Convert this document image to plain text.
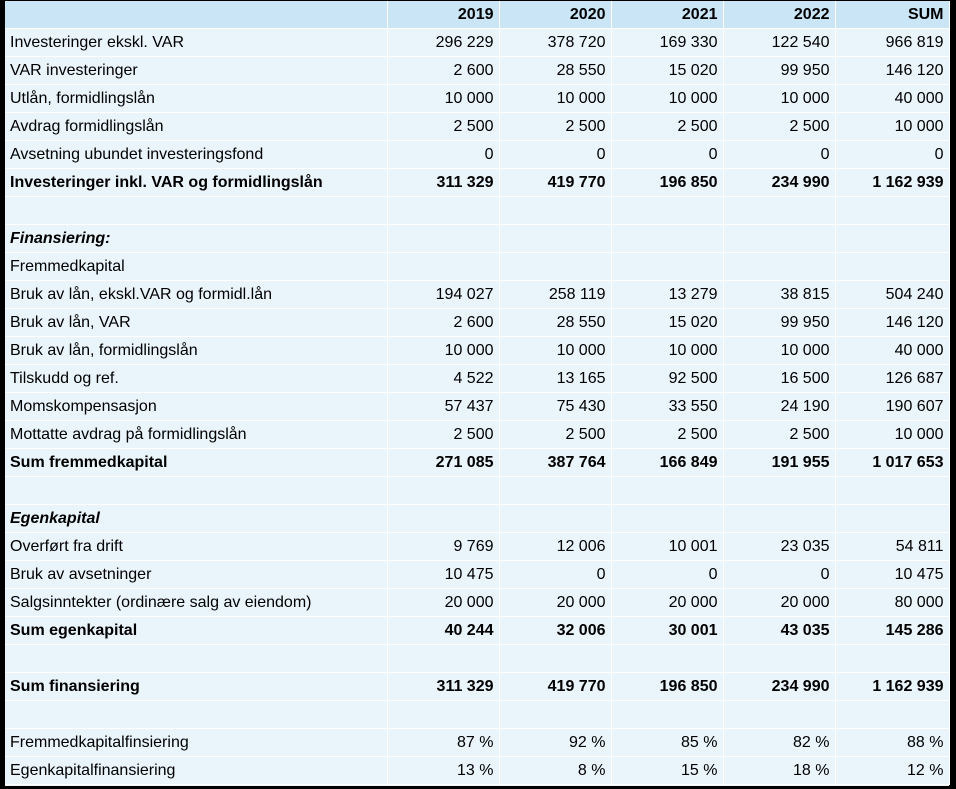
	2019	2020	2021	2022	SUM
Investeringer ekskl. VAR	296 229	378 720	169 330	122 540	966 819
VAR investeringer	2 600	28 550	15 020	99 950	146 120
Utlån, formidlingslån	10 000	10 000	10 000	10 000	40 000
Avdrag formidlingslån	2 500	2 500	2 500	2 500	10 000
Avsetning ubundet investeringsfond	0	0	0	0	0
Investeringer inkl. VAR og formidlingslån	311 329	419 770	196 850	234 990	1 162 939

Finansiering:					
Fremmedkapital					
Bruk av lån, ekskl.VAR og formidl.lån	194 027	258 119	13 279	38 815	504 240
Bruk av lån, VAR	2 600	28 550	15 020	99 950	146 120
Bruk av lån, formidlingslån	10 000	10 000	10 000	10 000	40 000
Tilskudd og ref.	4 522	13 165	92 500	16 500	126 687
Momskompensasjon	57 437	75 430	33 550	24 190	190 607
Mottatte avdrag på formidlingslån	2 500	2 500	2 500	2 500	10 000
Sum fremmedkapital	271 085	387 764	166 849	191 955	1 017 653

Egenkapital					
Overført fra drift	9 769	12 006	10 001	23 035	54 811
Bruk av avsetninger	10 475	0	0	0	10 475
Salgsinntekter (ordinære salg av eiendom)	20 000	20 000	20 000	20 000	80 000
Sum egenkapital	40 244	32 006	30 001	43 035	145 286

Sum finansiering	311 329	419 770	196 850	234 990	1 162 939

Fremmedkapitalfinsiering	87 %	92 %	85 %	82 %	88 %
Egenkapitalfinansiering	13 %	8 %	15 %	18 %	12 %
